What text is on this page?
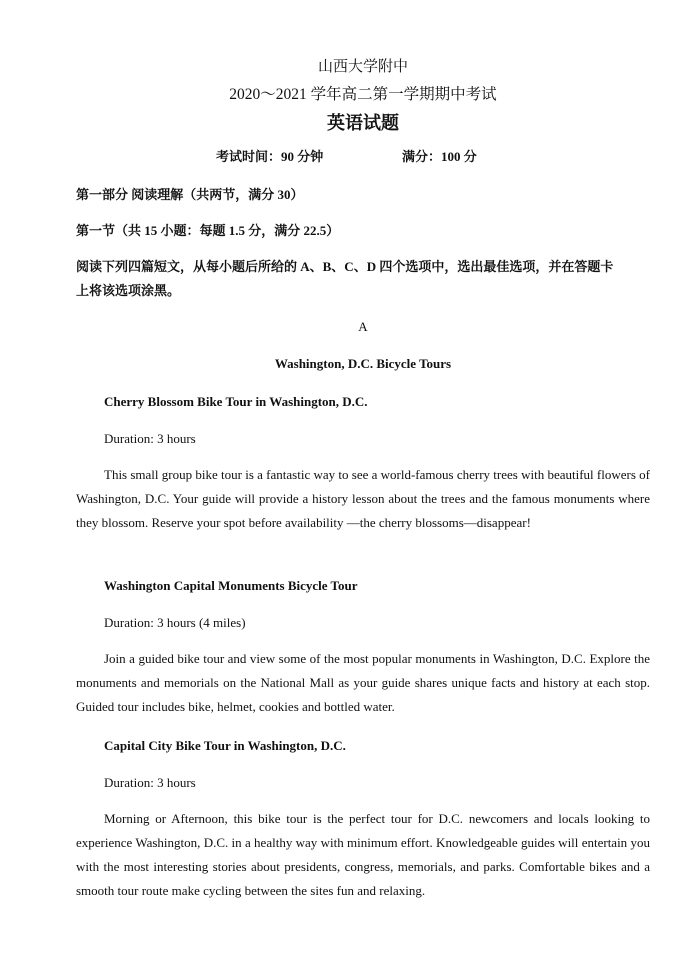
山西大学附中
2020～2021 学年高二第一学期期中考试
英语试题
考试时间：90 分钟	满分：100 分
第一部分 阅读理解（共两节，满分 30）
第一节（共 15 小题：每题 1.5 分，满分 22.5）
阅读下列四篇短文，从每小题后所给的 A、B、C、D 四个选项中，选出最佳选项，并在答题卡
上将该选项涂黑。
A
Washington, D.C. Bicycle Tours
Cherry Blossom Bike Tour in Washington, D.C.
Duration: 3 hours
This small group bike tour is a fantastic way to see a world-famous cherry trees with beautiful flowers of Washington, D.C. Your guide will provide a history lesson about the trees and the famous monuments where they blossom. Reserve your spot before availability —the cherry blossoms—disappear!
Washington Capital Monuments Bicycle Tour
Duration: 3 hours (4 miles)
Join a guided bike tour and view some of the most popular monuments in Washington, D.C. Explore the monuments and memorials on the National Mall as your guide shares unique facts and history at each stop. Guided tour includes bike, helmet, cookies and bottled water.
Capital City Bike Tour in Washington, D.C.
Duration: 3 hours
Morning or Afternoon, this bike tour is the perfect tour for D.C. newcomers and locals looking to experience Washington, D.C. in a healthy way with minimum effort. Knowledgeable guides will entertain you with the most interesting stories about presidents, congress, memorials, and parks. Comfortable bikes and a smooth tour route make cycling between the sites fun and relaxing.
